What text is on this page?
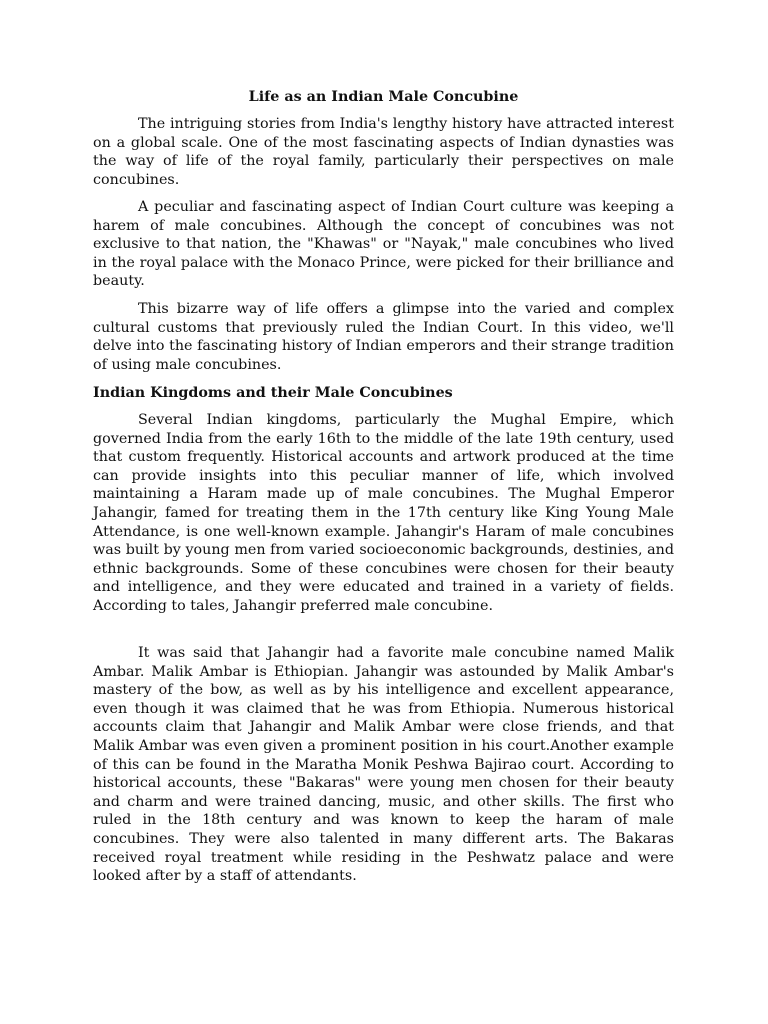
Life as an Indian Male Concubine

The intriguing stories from India's lengthy history have attracted interest on a global scale. One of the most fascinating aspects of Indian dynasties was the way of life of the royal family, particularly their perspectives on male concubines.

A peculiar and fascinating aspect of Indian Court culture was keeping a harem of male concubines. Although the concept of concubines was not exclusive to that nation, the "Khawas" or "Nayak," male concubines who lived in the royal palace with the Monaco Prince, were picked for their brilliance and beauty.

This bizarre way of life offers a glimpse into the varied and complex cultural customs that previously ruled the Indian Court. In this video, we'll delve into the fascinating history of Indian emperors and their strange tradition of using male concubines.

Indian Kingdoms and their Male Concubines

Several Indian kingdoms, particularly the Mughal Empire, which governed India from the early 16th to the middle of the late 19th century, used that custom frequently. Historical accounts and artwork produced at the time can provide insights into this peculiar manner of life, which involved maintaining a Haram made up of male concubines. The Mughal Emperor Jahangir, famed for treating them in the 17th century like King Young Male Attendance, is one well-known example. Jahangir's Haram of male concubines was built by young men from varied socioeconomic backgrounds, destinies, and ethnic backgrounds. Some of these concubines were chosen for their beauty and intelligence, and they were educated and trained in a variety of fields. According to tales, Jahangir preferred male concubine.

It was said that Jahangir had a favorite male concubine named Malik Ambar. Malik Ambar is Ethiopian. Jahangir was astounded by Malik Ambar's mastery of the bow, as well as by his intelligence and excellent appearance, even though it was claimed that he was from Ethiopia. Numerous historical accounts claim that Jahangir and Malik Ambar were close friends, and that Malik Ambar was even given a prominent position in his court.Another example of this can be found in the Maratha Monik Peshwa Bajirao court. According to historical accounts, these "Bakaras" were young men chosen for their beauty and charm and were trained dancing, music, and other skills. The first who ruled in the 18th century and was known to keep the haram of male concubines. They were also talented in many different arts. The Bakaras received royal treatment while residing in the Peshwatz palace and were looked after by a staff of attendants.
